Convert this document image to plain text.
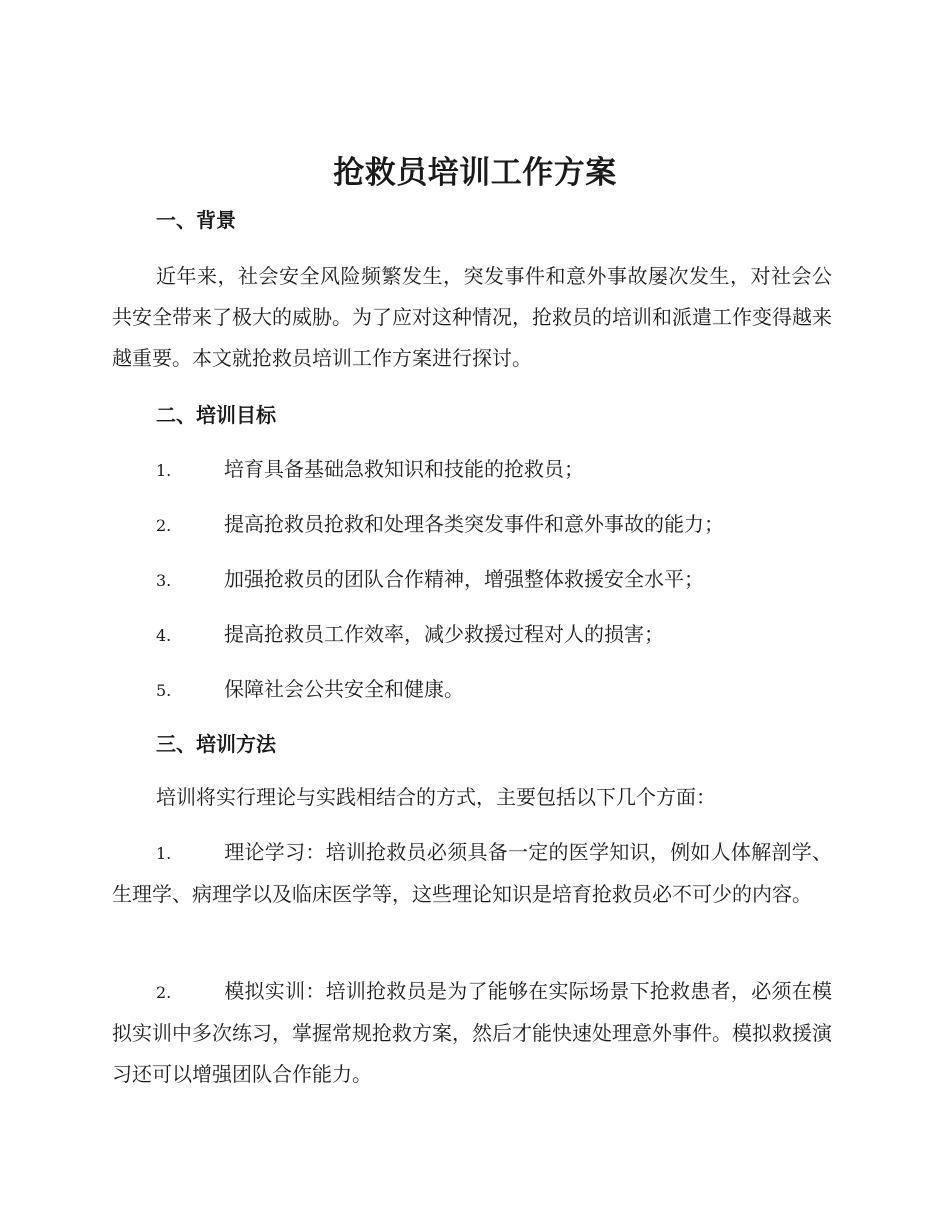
抢救员培训工作方案
一、背景
近年来，社会安全风险频繁发生，突发事件和意外事故屡次发生，对社会公共安全带来了极大的威胁。为了应对这种情况，抢救员的培训和派遣工作变得越来越重要。本文就抢救员培训工作方案进行探讨。
二、培训目标
1.	培育具备基础急救知识和技能的抢救员；
2.	提高抢救员抢救和处理各类突发事件和意外事故的能力；
3.	加强抢救员的团队合作精神，增强整体救援安全水平；
4.	提高抢救员工作效率，减少救援过程对人的损害；
5.	保障社会公共安全和健康。
三、培训方法
培训将实行理论与实践相结合的方式，主要包括以下几个方面：
1.	理论学习：培训抢救员必须具备一定的医学知识，例如人体解剖学、生理学、病理学以及临床医学等，这些理论知识是培育抢救员必不可少的内容。
2.	模拟实训：培训抢救员是为了能够在实际场景下抢救患者，必须在模拟实训中多次练习，掌握常规抢救方案，然后才能快速处理意外事件。模拟救援演习还可以增强团队合作能力。
